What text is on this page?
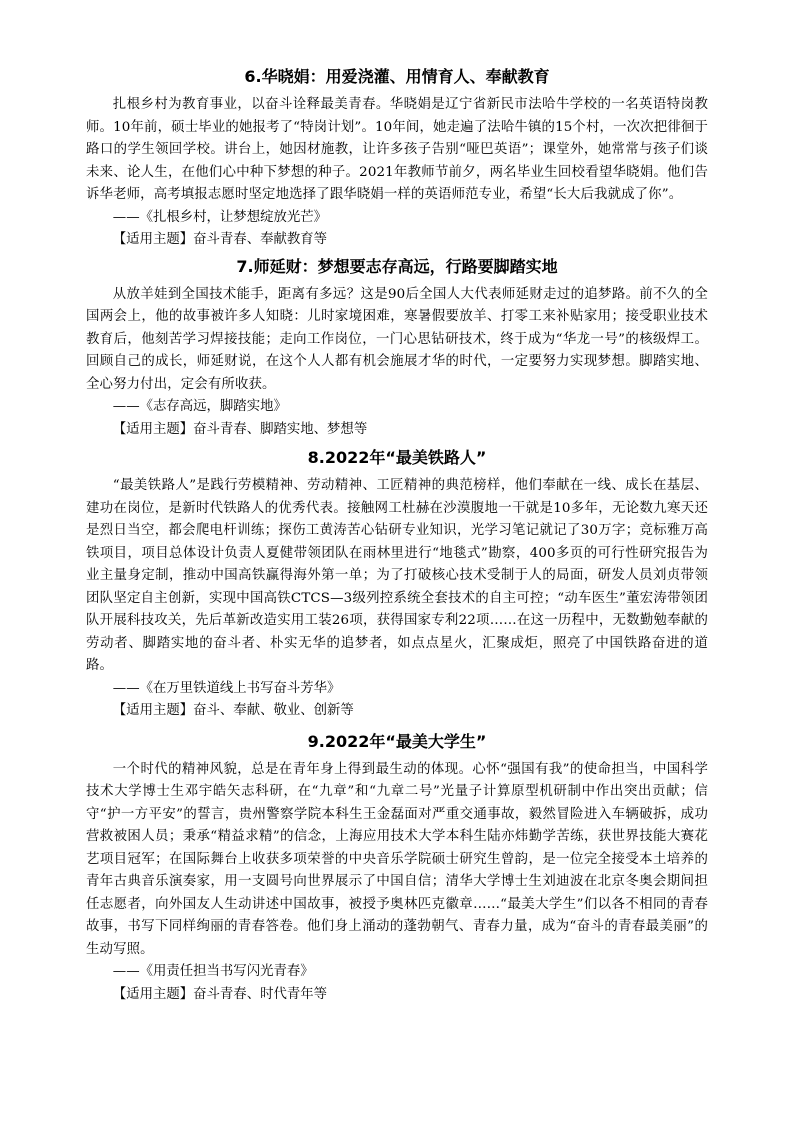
6.华晓娟：用爱浇灌、用情育人、奉献教育

扎根乡村为教育事业，以奋斗诠释最美青春。华晓娟是辽宁省新民市法哈牛学校的一名英语特岗教师。10年前，硕士毕业的她报考了“特岗计划”。10年间，她走遍了法哈牛镇的15个村，一次次把徘徊于路口的学生领回学校。讲台上，她因材施教，让许多孩子告别“哑巴英语”；课堂外，她常常与孩子们谈未来、论人生，在他们心中种下梦想的种子。2021年教师节前夕，两名毕业生回校看望华晓娟。他们告诉华老师，高考填报志愿时坚定地选择了跟华晓娟一样的英语师范专业，希望“长大后我就成了你”。

——《扎根乡村，让梦想绽放光芒》

【适用主题】奋斗青春、奉献教育等

7.师延财：梦想要志存高远，行路要脚踏实地

从放羊娃到全国技术能手，距离有多远？这是90后全国人大代表师延财走过的追梦路。前不久的全国两会上，他的故事被许多人知晓：儿时家境困难，寒暑假要放羊、打零工来补贴家用；接受职业技术教育后，他刻苦学习焊接技能；走向工作岗位，一门心思钻研技术，终于成为“华龙一号”的核级焊工。回顾自己的成长，师延财说，在这个人人都有机会施展才华的时代，一定要努力实现梦想。脚踏实地、全心努力付出，定会有所收获。

——《志存高远，脚踏实地》

【适用主题】奋斗青春、脚踏实地、梦想等

8.2022年“最美铁路人”

“最美铁路人”是践行劳模精神、劳动精神、工匠精神的典范榜样，他们奉献在一线、成长在基层、建功在岗位，是新时代铁路人的优秀代表。接触网工杜赫在沙漠腹地一干就是10多年，无论数九寒天还是烈日当空，都会爬电杆训练；探伤工黄涛苦心钻研专业知识，光学习笔记就记了30万字；竞标雅万高铁项目，项目总体设计负责人夏健带领团队在雨林里进行“地毯式”勘察，400多页的可行性研究报告为业主量身定制，推动中国高铁赢得海外第一单；为了打破核心技术受制于人的局面，研发人员刘贞带领团队坚定自主创新，实现中国高铁CTCS—3级列控系统全套技术的自主可控；“动车医生”董宏涛带领团队开展科技攻关，先后革新改造实用工装26项，获得国家专利22项……在这一历程中，无数勤勉奉献的劳动者、脚踏实地的奋斗者、朴实无华的追梦者，如点点星火，汇聚成炬，照亮了中国铁路奋进的道路。

——《在万里铁道线上书写奋斗芳华》

【适用主题】奋斗、奉献、敬业、创新等

9.2022年“最美大学生”

一个时代的精神风貌，总是在青年身上得到最生动的体现。心怀“强国有我”的使命担当，中国科学技术大学博士生邓宇皓矢志科研，在“九章”和“九章二号”光量子计算原型机研制中作出突出贡献；信守“护一方平安”的誓言，贵州警察学院本科生王金磊面对严重交通事故，毅然冒险进入车辆破拆，成功营救被困人员；秉承“精益求精”的信念，上海应用技术大学本科生陆亦炜勤学苦练，获世界技能大赛花艺项目冠军；在国际舞台上收获多项荣誉的中央音乐学院硕士研究生曾韵，是一位完全接受本土培养的青年古典音乐演奏家，用一支圆号向世界展示了中国自信；清华大学博士生刘迪波在北京冬奥会期间担任志愿者，向外国友人生动讲述中国故事，被授予奥林匹克徽章……“最美大学生”们以各不相同的青春故事，书写下同样绚丽的青春答卷。他们身上涌动的蓬勃朝气、青春力量，成为“奋斗的青春最美丽”的生动写照。

——《用责任担当书写闪光青春》

【适用主题】奋斗青春、时代青年等
